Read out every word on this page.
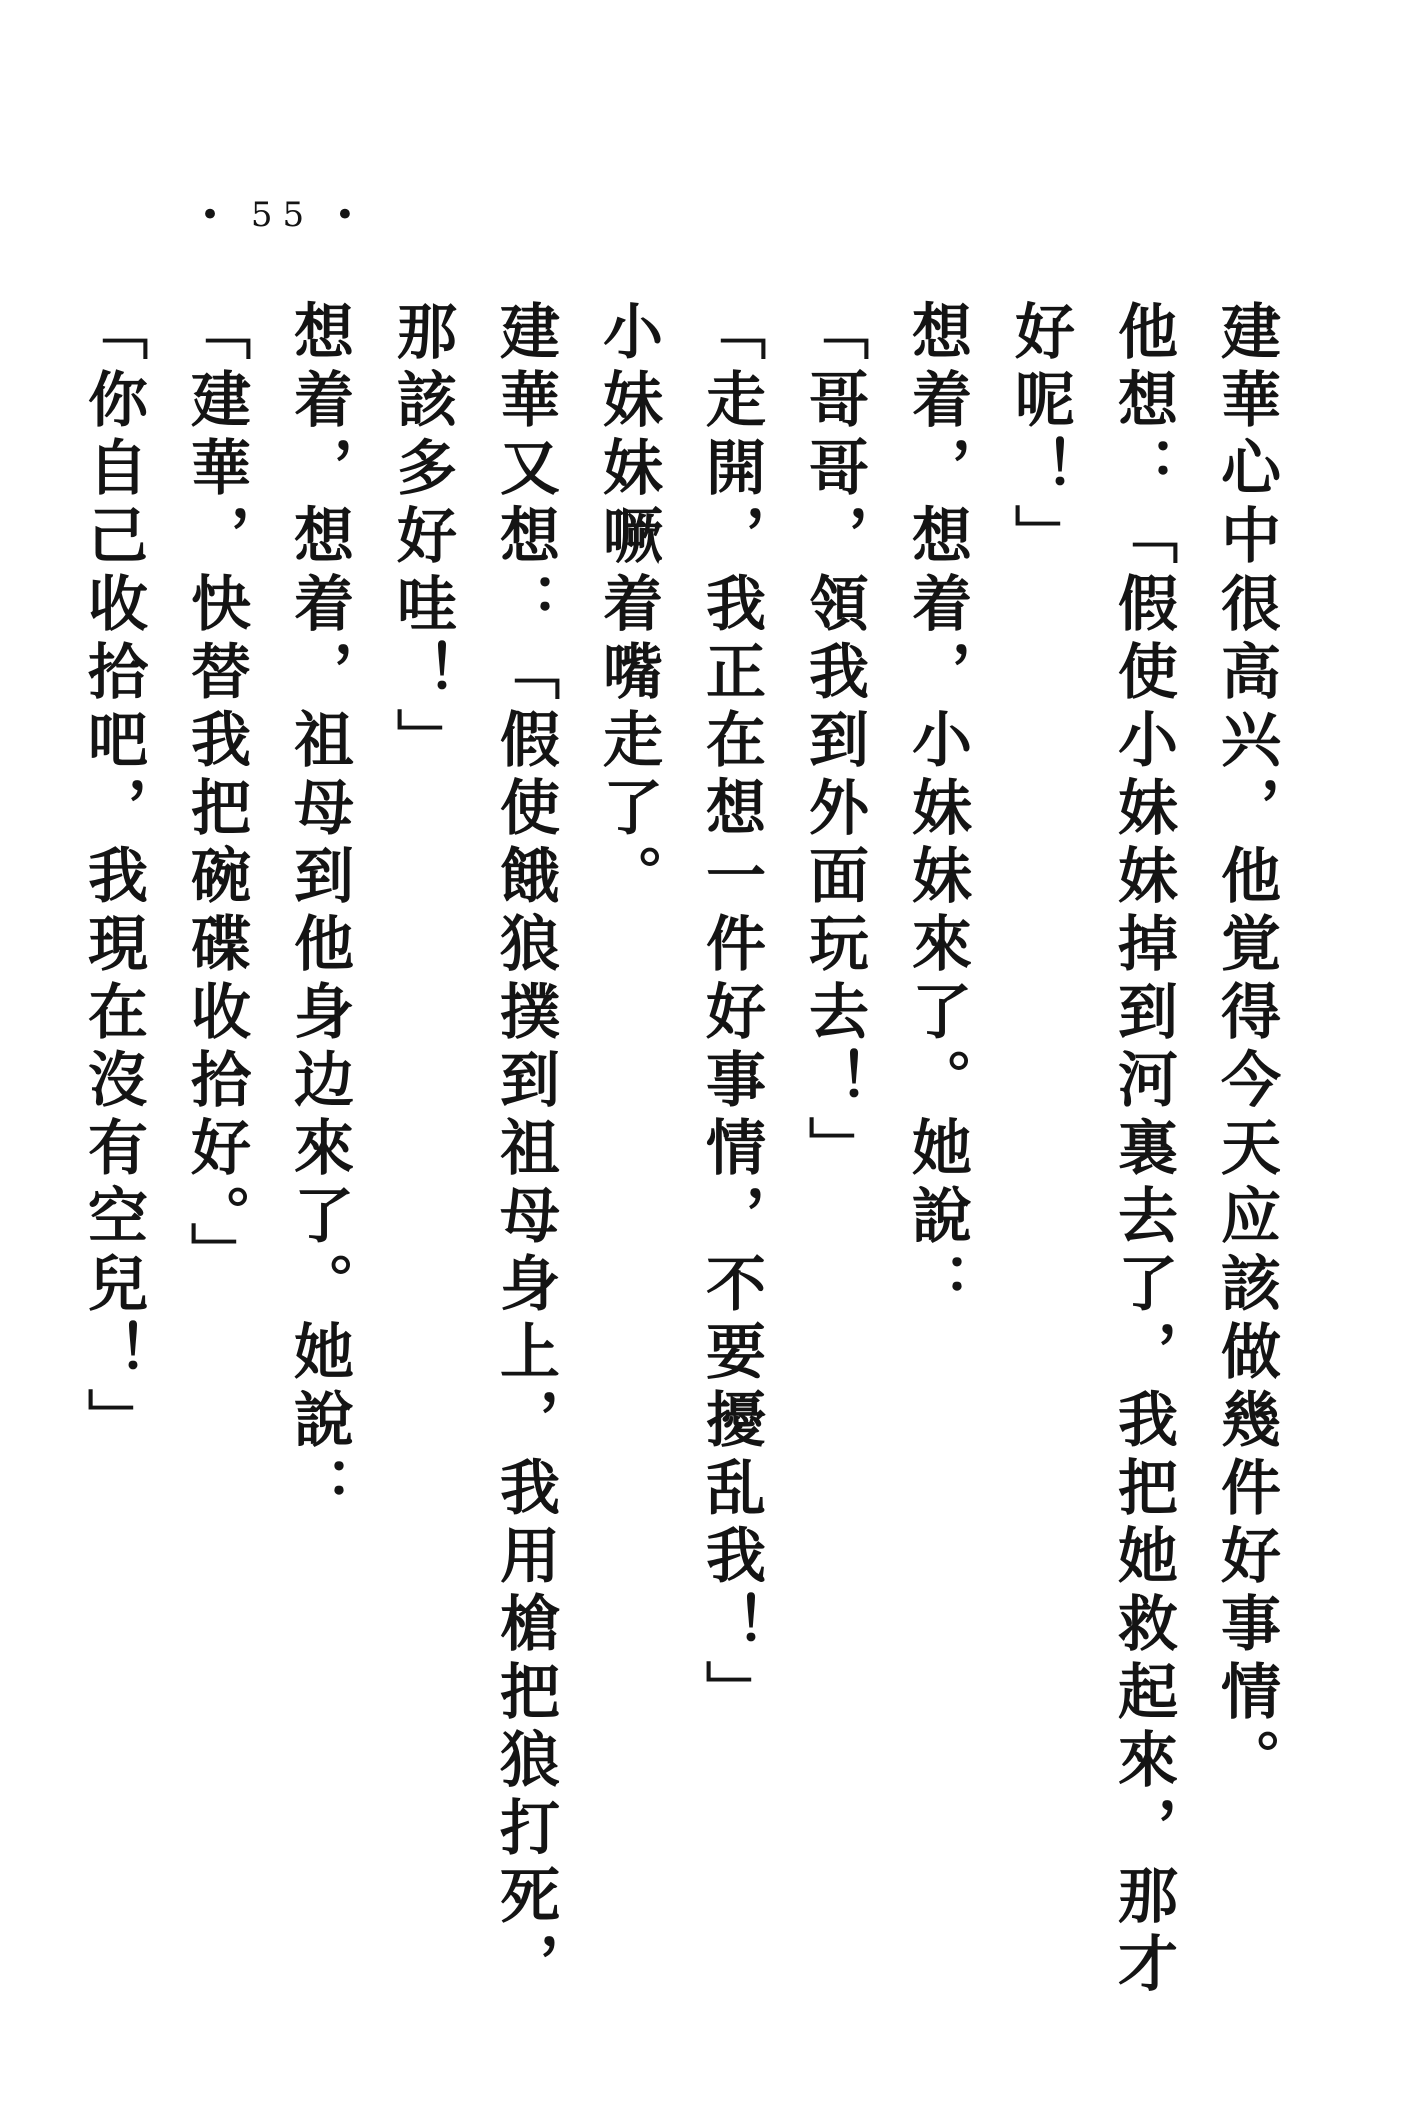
• 55 •

建華心中很高兴，他覚得今天应該做幾件好事情。

他想：「假使小妹妹掉到河裏去了，我把她救起來，那才好呢！」

想着，想着，小妹妹來了。她說：

「哥哥，領我到外面玩去！」

「走開，我正在想一件好事情，不要擾乱我！」

小妹妹噘着嘴走了。

建華又想：「假使餓狼撲到祖母身上，我用槍把狼打死，那該多好哇！」

想着，想着，祖母到他身边來了。她說：

「建華，快替我把碗碟收拾好。」

「你自己收拾吧，我現在沒有空兒！」
